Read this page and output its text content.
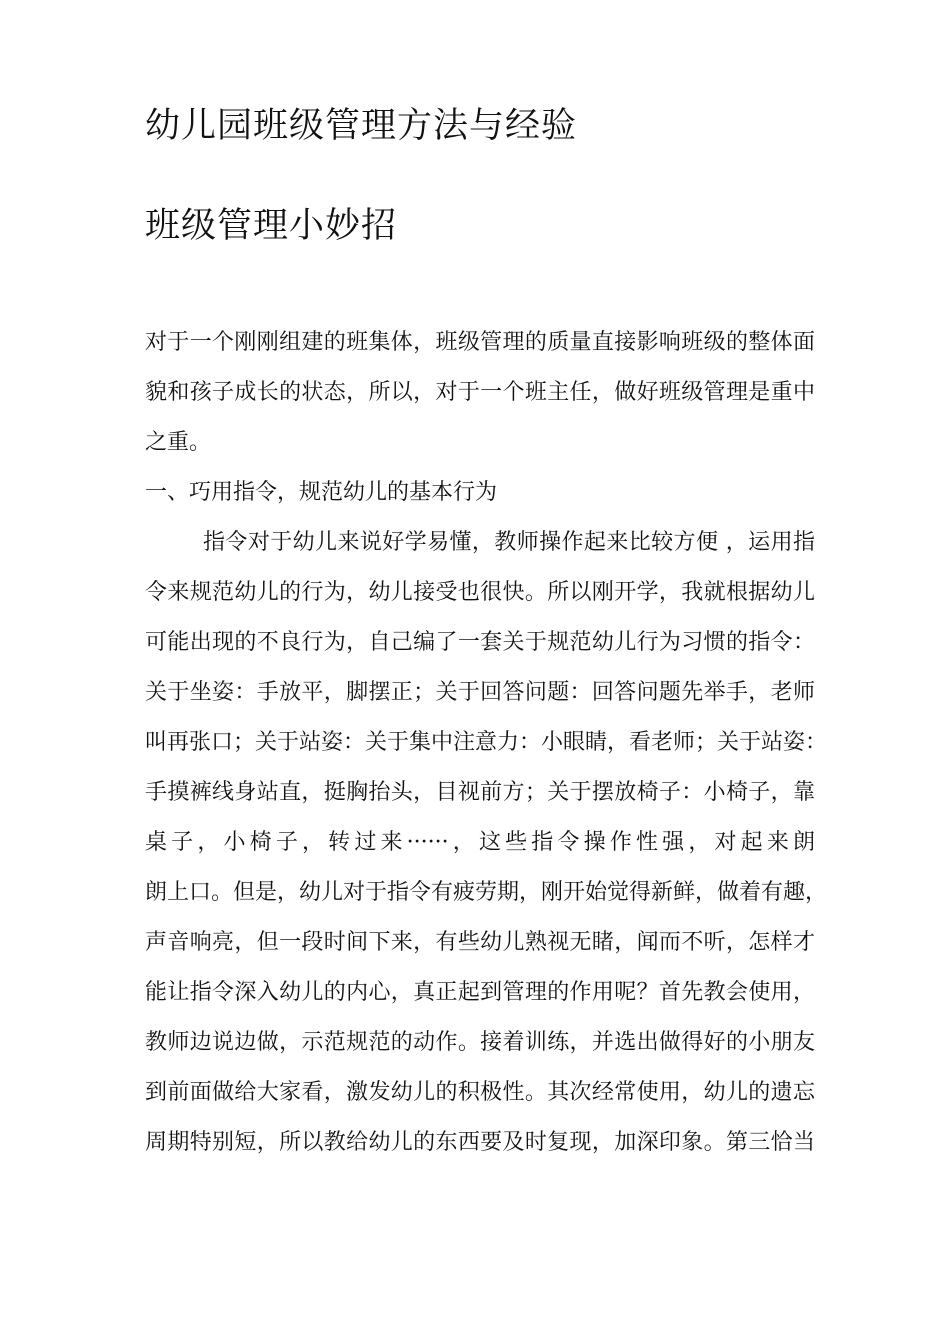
幼儿园班级管理方法与经验
班级管理小妙招
对于一个刚刚组建的班集体，班级管理的质量直接影响班级的整体面
貌和孩子成长的状态，所以，对于一个班主任，做好班级管理是重中
之重。
一、巧用指令，规范幼儿的基本行为
指令对于幼儿来说好学易懂，教师操作起来比较方便 ，运用指
令来规范幼儿的行为，幼儿接受也很快。所以刚开学，我就根据幼儿
可能出现的不良行为，自己编了一套关于规范幼儿行为习惯的指令：
关于坐姿：手放平，脚摆正；关于回答问题：回答问题先举手，老师
叫再张口；关于站姿：关于集中注意力：小眼睛，看老师；关于站姿：
手摸裤线身站直，挺胸抬头，目视前方；关于摆放椅子：小椅子，靠
桌子，小椅子，转过来······，这些指令操作性强，对起来朗
朗上口。但是，幼儿对于指令有疲劳期，刚开始觉得新鲜，做着有趣，
声音响亮，但一段时间下来，有些幼儿熟视无睹，闻而不听，怎样才
能让指令深入幼儿的内心，真正起到管理的作用呢？首先教会使用，
教师边说边做，示范规范的动作。接着训练，并选出做得好的小朋友
到前面做给大家看，激发幼儿的积极性。其次经常使用，幼儿的遗忘
周期特别短，所以教给幼儿的东西要及时复现，加深印象。第三恰当
